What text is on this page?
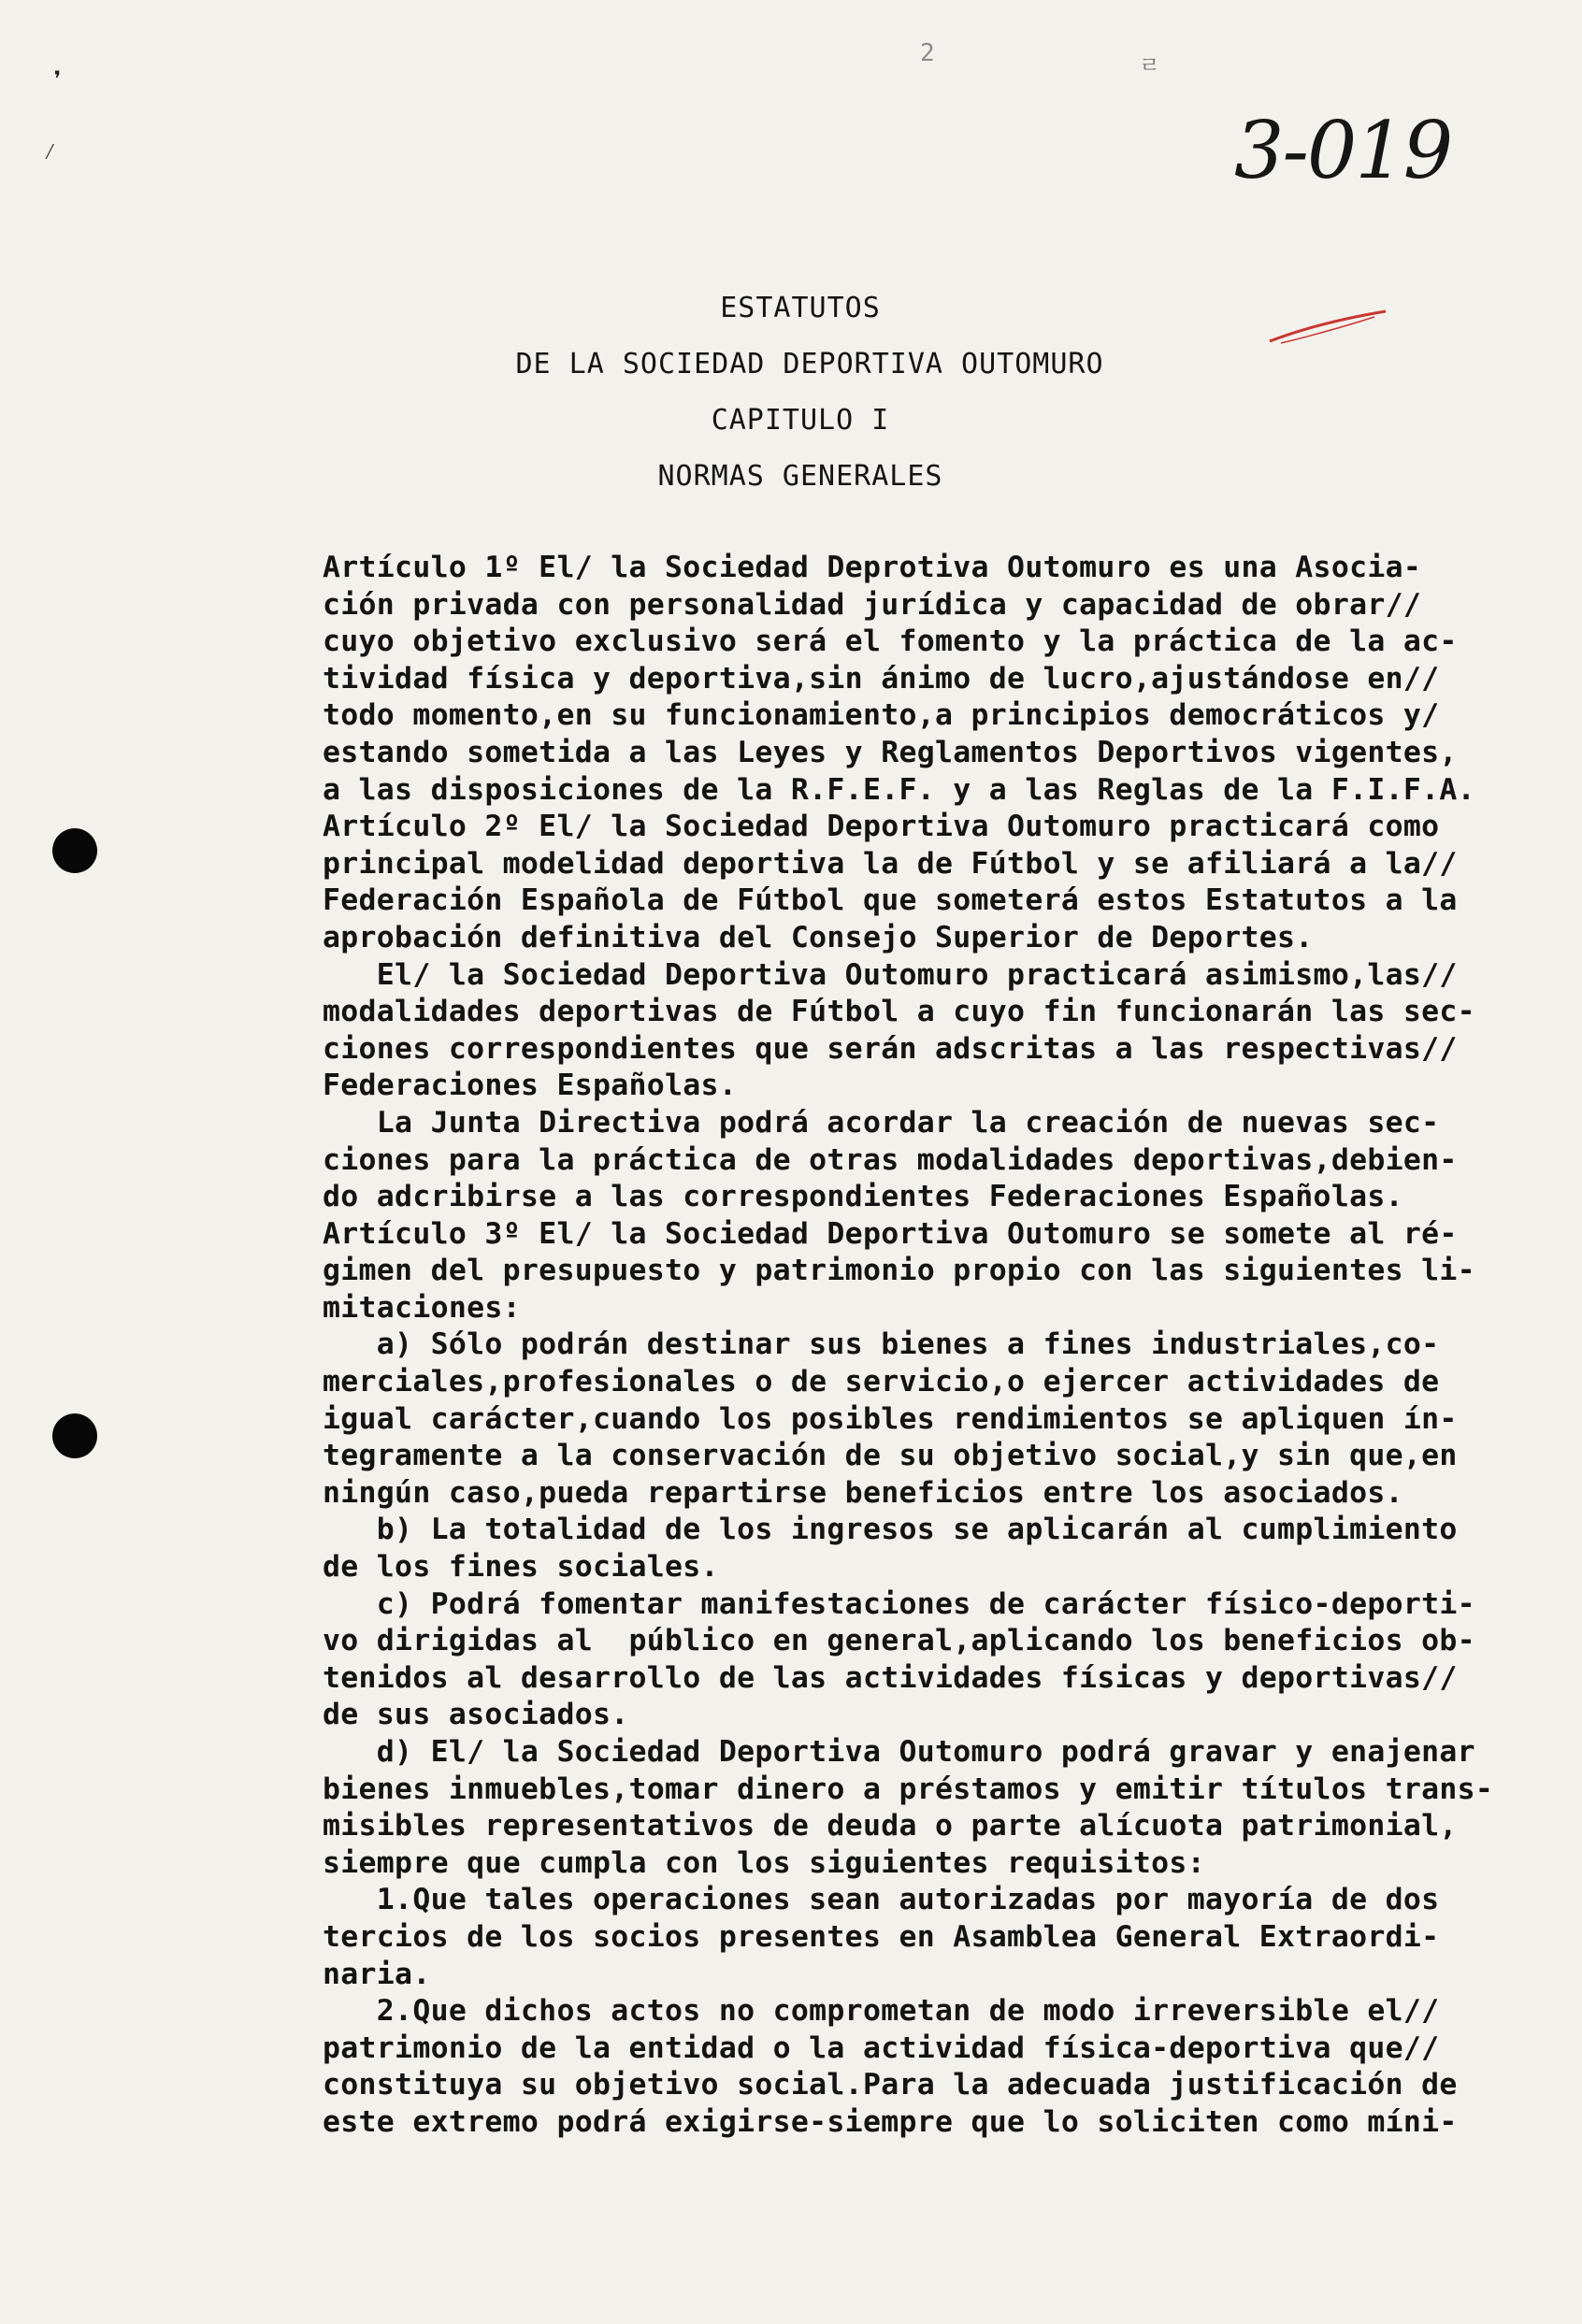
❜
⁄
ㄹ
2
3-019
ESTATUTOS
DE LA SOCIEDAD DEPORTIVA OUTOMURO
CAPITULO I
NORMAS GENERALES
Artículo 1º El/ la Sociedad Deprotiva Outomuro es una Asocia-
ción privada con personalidad jurídica y capacidad de obrar//
cuyo objetivo exclusivo será el fomento y la práctica de la ac-
tividad física y deportiva,sin ánimo de lucro,ajustándose en//
todo momento,en su funcionamiento,a principios democráticos y/
estando sometida a las Leyes y Reglamentos Deportivos vigentes,
a las disposiciones de la R.F.E.F. y a las Reglas de la F.I.F.A.
Artículo 2º El/ la Sociedad Deportiva Outomuro practicará como
principal modelidad deportiva la de Fútbol y se afiliará a la//
Federación Española de Fútbol que someterá estos Estatutos a la
aprobación definitiva del Consejo Superior de Deportes.
El/ la Sociedad Deportiva Outomuro practicará asimismo,las//
modalidades deportivas de Fútbol a cuyo fin funcionarán las sec-
ciones correspondientes que serán adscritas a las respectivas//
Federaciones Españolas.
La Junta Directiva podrá acordar la creación de nuevas sec-
ciones para la práctica de otras modalidades deportivas,debien-
do adcribirse a las correspondientes Federaciones Españolas.
Artículo 3º El/ la Sociedad Deportiva Outomuro se somete al ré-
gimen del presupuesto y patrimonio propio con las siguientes li-
mitaciones:
a) Sólo podrán destinar sus bienes a fines industriales,co-
merciales,profesionales o de servicio,o ejercer actividades de
igual carácter,cuando los posibles rendimientos se apliquen ín-
tegramente a la conservación de su objetivo social,y sin que,en
ningún caso,pueda repartirse beneficios entre los asociados.
b) La totalidad de los ingresos se aplicarán al cumplimiento
de los fines sociales.
c) Podrá fomentar manifestaciones de carácter físico-deporti-
vo dirigidas al  público en general,aplicando los beneficios ob-
tenidos al desarrollo de las actividades físicas y deportivas//
de sus asociados.
d) El/ la Sociedad Deportiva Outomuro podrá gravar y enajenar
bienes inmuebles,tomar dinero a préstamos y emitir títulos trans-
misibles representativos de deuda o parte alícuota patrimonial,
siempre que cumpla con los siguientes requisitos:
1.Que tales operaciones sean autorizadas por mayoría de dos
tercios de los socios presentes en Asamblea General Extraordi-
naria.
2.Que dichos actos no comprometan de modo irreversible el//
patrimonio de la entidad o la actividad física-deportiva que//
constituya su objetivo social.Para la adecuada justificación de
este extremo podrá exigirse-siempre que lo soliciten como míni-
